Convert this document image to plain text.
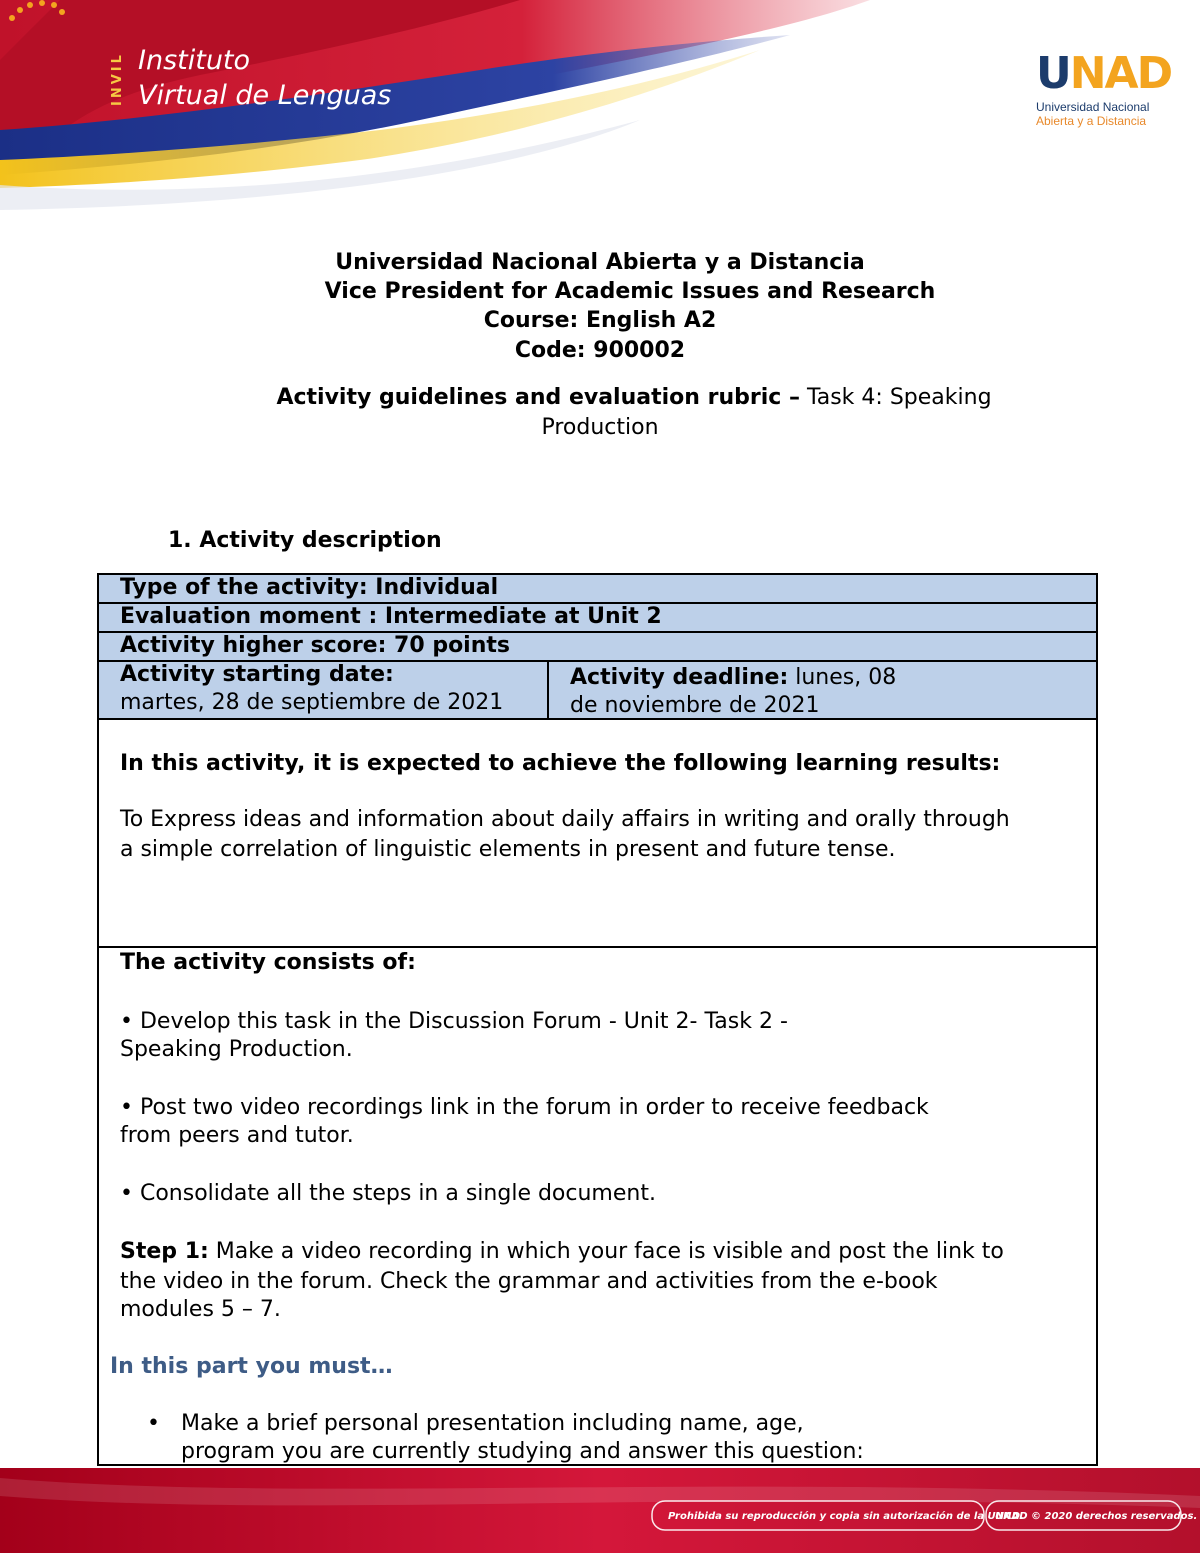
INVIL Instituto
Virtual de Lenguas	UNAD
Universidad Nacional
Abierta y a Distancia
Universidad Nacional Abierta y a Distancia
Vice President for Academic Issues and Research
Course: English A2
Code: 900002
Activity guidelines and evaluation rubric – Task 4: Speaking
Production
1. Activity description
Type of the activity: Individual
Evaluation moment : Intermediate at Unit 2
Activity higher score: 70 points
Activity starting date:
martes, 28 de septiembre de 2021
Activity deadline: lunes, 08
de noviembre de 2021
In this activity, it is expected to achieve the following learning results:
To Express ideas and information about daily affairs in writing and orally through
a simple correlation of linguistic elements in present and future tense.
The activity consists of:
• Develop this task in the Discussion Forum - Unit 2- Task 2 -
Speaking Production.
• Post two video recordings link in the forum in order to receive feedback
from peers and tutor.
• Consolidate all the steps in a single document.
Step 1: Make a video recording in which your face is visible and post the link to
the video in the forum. Check the grammar and activities from the e-book
modules 5 – 7.
In this part you must…
• Make a brief personal presentation including name, age,
program you are currently studying and answer this question:
Prohibida su reproducción y copia sin autorización de la UNAD.
UNAD © 2020 derechos reservados.
